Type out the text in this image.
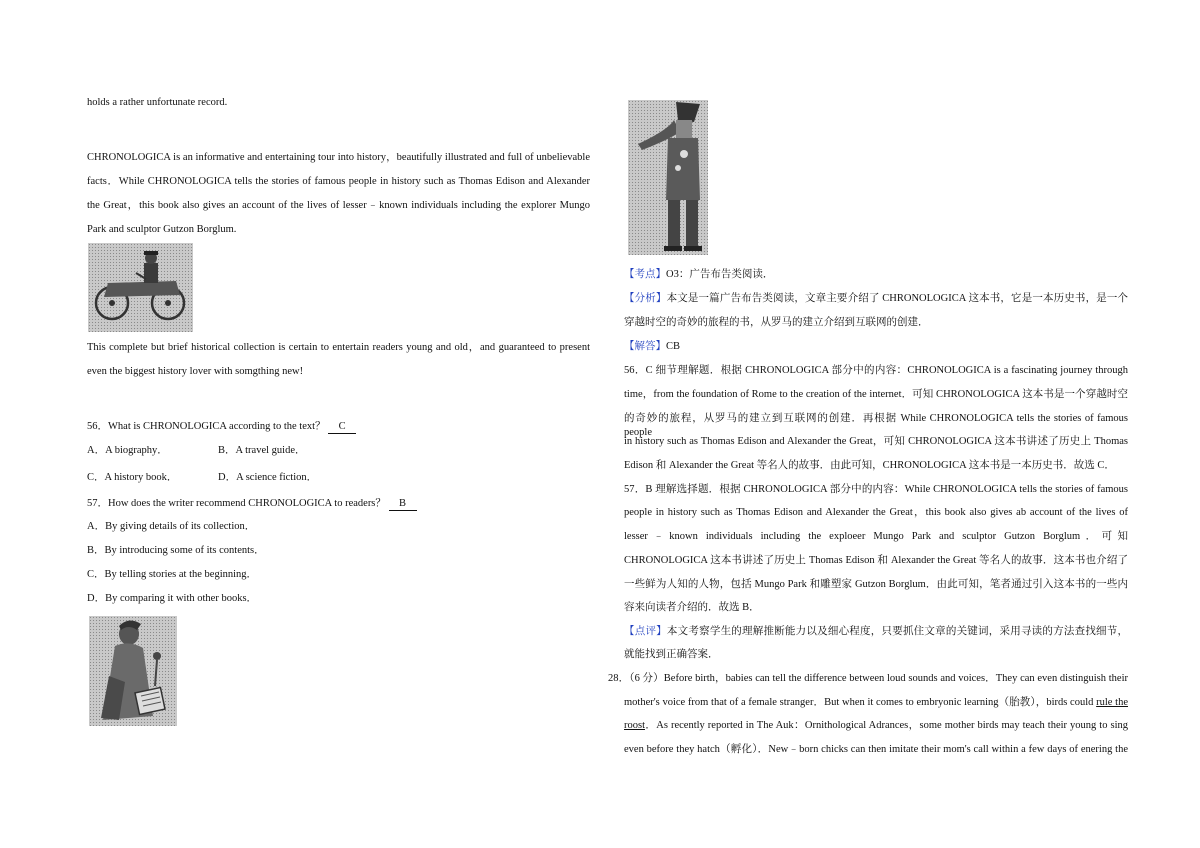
holds a rather unfortunate record.
CHRONOLOGICA is an informative and entertaining tour into history，beautifully illustrated and full of unbelievable
facts．While CHRONOLOGICA tells the stories of famous people in history such as Thomas Edison and Alexander
the Great，this book also gives an account of the lives of lesser﹣known individuals including the explorer Mungo
Park and sculptor Gutzon Borglum.
This complete but brief historical collection is certain to entertain readers young and old，and guaranteed to present
even the biggest history lover with somgthing new!
56．What is CHRONOLOGICA according to the text？ C
A．A biography．	B．A travel guide．
C．A history book．	D．A science fiction．
57．How does the writer recommend CHRONOLOGICA to readers？ B
A．By giving details of its collection．
B．By introducing some of its contents．
C．By telling stories at the beginning．
D．By comparing it with other books．
【考点】O3：广告布告类阅读．
【分析】本文是一篇广告布告类阅读，文章主要介绍了 CHRONOLOGICA 这本书，它是一本历史书，是一个
穿越时空的奇妙的旅程的书，从罗马的建立介绍到互联网的创建．
【解答】CB
56．C 细节理解题．根据 CHRONOLOGICA 部分中的内容：CHRONOLOGICA is a fascinating journey through
time，from the foundation of Rome to the creation of the internet．可知 CHRONOLOGICA 这本书是一个穿越时空
的奇妙的旅程，从罗马的建立到互联网的创建．再根据 While CHRONOLOGICA tells the stories of famous people
in history such as Thomas Edison and Alexander the Great，可知 CHRONOLOGICA 这本书讲述了历史上 Thomas
Edison 和 Alexander the Great 等名人的故事．由此可知，CHRONOLOGICA 这本书是一本历史书．故选 C．
57．B 理解选择题．根据 CHRONOLOGICA 部分中的内容：While CHRONOLOGICA tells the stories of famous
people in history such as Thomas Edison and Alexander the Great，this book also gives ab account of the lives of
lesser﹣known individuals including the exploeer Mungo Park and sculptor Gutzon Borglum．可知
CHRONOLOGICA 这本书讲述了历史上 Thomas Edison 和 Alexander the Great 等名人的故事．这本书也介绍了
一些鲜为人知的人物，包括 Mungo Park 和雕塑家 Gutzon Borglum．由此可知，笔者通过引入这本书的一些内
容来向读者介绍的．故选 B．
【点评】本文考察学生的理解推断能力以及细心程度，只要抓住文章的关键词，采用寻读的方法查找细节，
就能找到正确答案．
28．（6 分）Before birth，babies can tell the difference between loud sounds and voices．They can even distinguish their
mother's voice from that of a female stranger．But when it comes to embryonic learning（胎教），birds could rule the
roost．As recently reported in The Auk：Ornithological Adrances，some mother birds may teach their young to sing
even before they hatch（孵化）．New﹣born chicks can then imitate their mom's call within a few days of enering the
